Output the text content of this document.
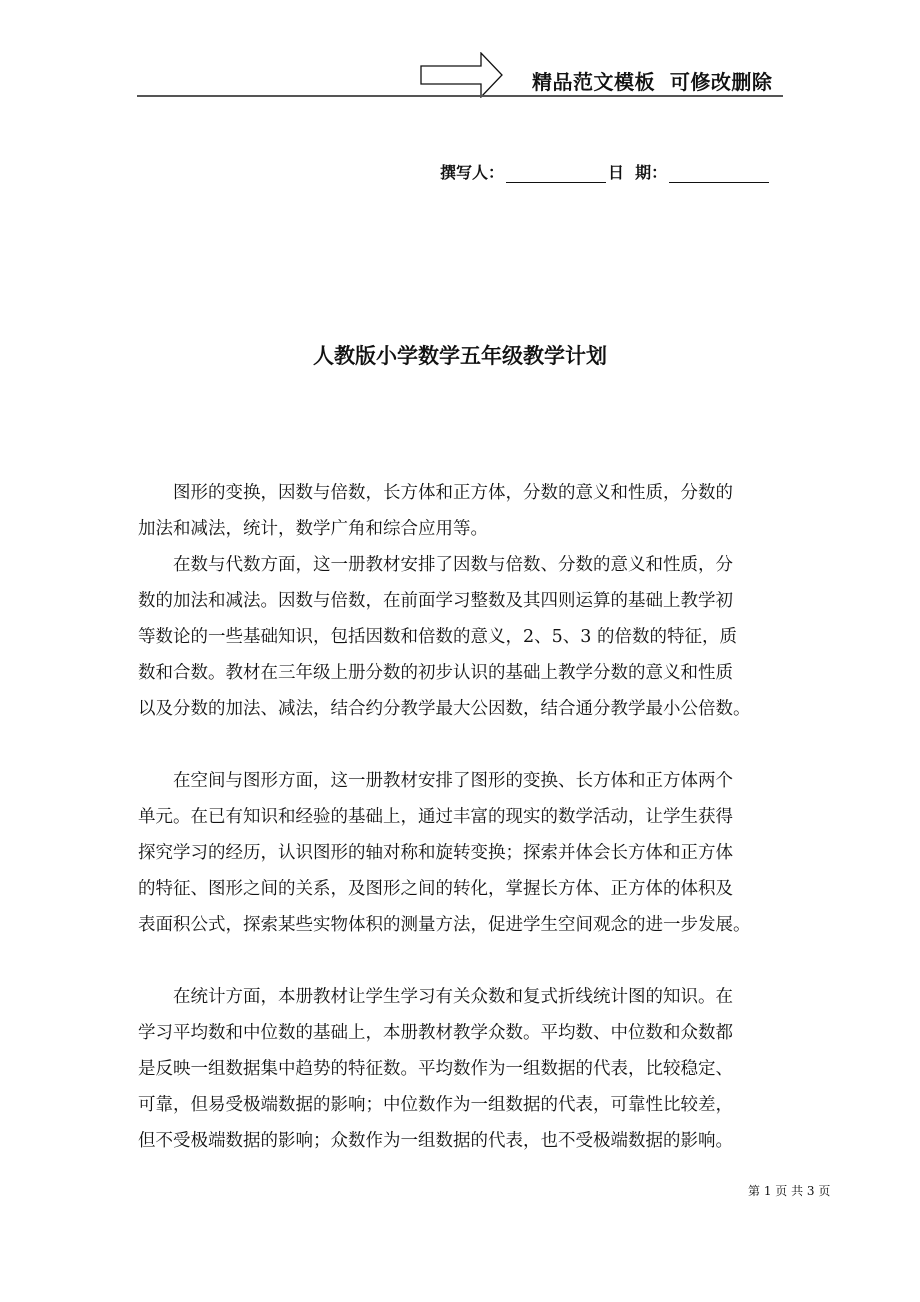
精品范文模板  可修改删除
撰写人：	日  期：
人教版小学数学五年级教学计划
　　图形的变换，因数与倍数，长方体和正方体，分数的意义和性质，分数的
加法和减法，统计，数学广角和综合应用等。
　　在数与代数方面，这一册教材安排了因数与倍数、分数的意义和性质，分
数的加法和减法。因数与倍数，在前面学习整数及其四则运算的基础上教学初
等数论的一些基础知识，包括因数和倍数的意义，2、5、3 的倍数的特征，质
数和合数。教材在三年级上册分数的初步认识的基础上教学分数的意义和性质
以及分数的加法、减法，结合约分教学最大公因数，结合通分教学最小公倍数。
　　在空间与图形方面，这一册教材安排了图形的变换、长方体和正方体两个
单元。在已有知识和经验的基础上，通过丰富的现实的数学活动，让学生获得
探究学习的经历，认识图形的轴对称和旋转变换；探索并体会长方体和正方体
的特征、图形之间的关系，及图形之间的转化，掌握长方体、正方体的体积及
表面积公式，探索某些实物体积的测量方法，促进学生空间观念的进一步发展。
　　在统计方面，本册教材让学生学习有关众数和复式折线统计图的知识。在
学习平均数和中位数的基础上，本册教材教学众数。平均数、中位数和众数都
是反映一组数据集中趋势的特征数。平均数作为一组数据的代表，比较稳定、
可靠，但易受极端数据的影响；中位数作为一组数据的代表，可靠性比较差，
但不受极端数据的影响；众数作为一组数据的代表，也不受极端数据的影响。
第 1 页 共 3 页
